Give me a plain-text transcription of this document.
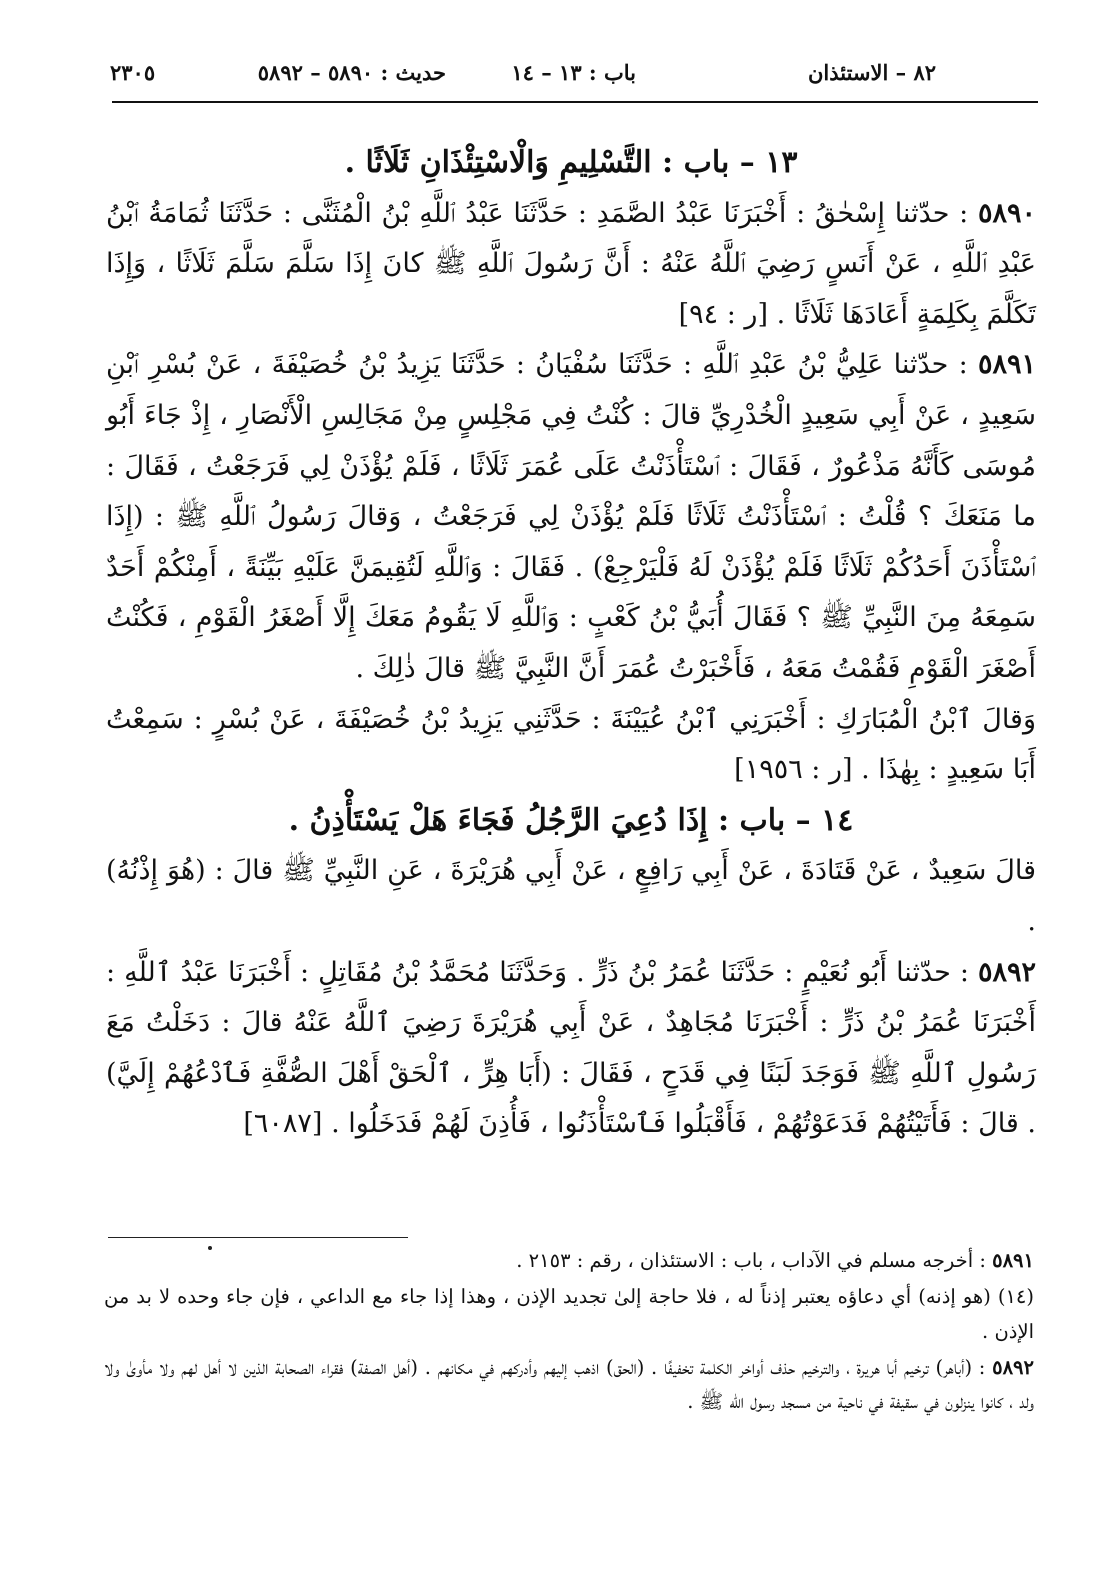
٨٢ – الاستئذان
باب : ١٣ – ١٤
حديث : ٥٨٩٠ – ٥٨٩٢
٢٣٠٥

١٣ – باب : التَّسْلِيمِ وَالْاسْتِئْذَانِ ثَلَاثًا .

٥٨٩٠ : حدّثنا إِسْحٰقُ : أَخْبَرَنَا عَبْدُ الصَّمَدِ : حَدَّثَنَا عَبْدُ ٱللَّهِ بْنُ الْمُثَنَّى : حَدَّثَنَا ثُمَامَةُ ٱبْنُ عَبْدِ ٱللَّهِ ، عَنْ أَنَسٍ رَضِيَ ٱللَّهُ عَنْهُ : أَنَّ رَسُولَ ٱللَّهِ ﷺ كانَ إِذَا سَلَّمَ سَلَّمَ ثَلَاثًا ، وَإِذَا تَكَلَّمَ بِكَلِمَةٍ أَعَادَهَا ثَلَاثًا . [ر : ٩٤]

٥٨٩١ : حدّثنا عَلِيُّ بْنُ عَبْدِ ٱللَّهِ : حَدَّثَنَا سُفْيَانُ : حَدَّثَنَا يَزِيدُ بْنُ خُصَيْفَةَ ، عَنْ بُسْرِ ٱبْنِ سَعِيدٍ ، عَنْ أَبِي سَعِيدٍ الْخُدْرِيِّ قالَ : كُنْتُ فِي مَجْلِسٍ مِنْ مَجَالِسِ الْأَنْصَارِ ، إِذْ جَاءَ أَبُو مُوسَى كَأَنَّهُ مَذْعُورٌ ، فَقَالَ : ٱسْتَأْذَنْتُ عَلَى عُمَرَ ثَلَاثًا ، فَلَمْ يُؤْذَنْ لِي فَرَجَعْتُ ، فَقَالَ : ما مَنَعَكَ ؟ قُلْتُ : ٱسْتَأْذَنْتُ ثَلَاثًا فَلَمْ يُؤْذَنْ لِي فَرَجَعْتُ ، وَقالَ رَسُولُ ٱللَّهِ ﷺ : (إِذَا ٱسْتَأْذَنَ أَحَدُكُمْ ثَلَاثًا فَلَمْ يُؤْذَنْ لَهُ فَلْيَرْجِعْ) . فَقَالَ : وَٱللَّهِ لَتُقِيمَنَّ عَلَيْهِ بَيِّنَةً ، أَمِنْكُمْ أَحَدٌ سَمِعَهُ مِنَ النَّبِيِّ ﷺ ؟ فَقَالَ أُبَيُّ بْنُ كَعْبٍ : وَٱللَّهِ لَا يَقُومُ مَعَكَ إِلَّا أَصْغَرُ الْقَوْمِ ، فَكُنْتُ أَصْغَرَ الْقَوْمِ فَقُمْتُ مَعَهُ ، فَأَخْبَرْتُ عُمَرَ أَنَّ النَّبِيَّ ﷺ قالَ ذٰلِكَ .

وَقالَ ٱبْنُ الْمُبَارَكِ : أَخْبَرَنِي ٱبْنُ عُيَيْنَةَ : حَدَّثَنِي يَزِيدُ بْنُ خُصَيْفَةَ ، عَنْ بُسْرٍ : سَمِعْتُ أَبَا سَعِيدٍ : بِهٰذَا . [ر : ١٩٥٦]

١٤ – باب : إِذَا دُعِيَ الرَّجُلُ فَجَاءَ هَلْ يَسْتَأْذِنُ .

قالَ سَعِيدٌ ، عَنْ قَتَادَةَ ، عَنْ أَبِي رَافِعٍ ، عَنْ أَبِي هُرَيْرَةَ ، عَنِ النَّبِيِّ ﷺ قالَ : (هُوَ إِذْنُهُ) .

٥٨٩٢ : حدّثنا أَبُو نُعَيْمٍ : حَدَّثَنَا عُمَرُ بْنُ ذَرٍّ . وَحَدَّثَنَا مُحَمَّدُ بْنُ مُقَاتِلٍ : أَخْبَرَنَا عَبْدُ ٱللَّهِ : أَخْبَرَنَا عُمَرُ بْنُ ذَرٍّ : أَخْبَرَنَا مُجَاهِدٌ ، عَنْ أَبِي هُرَيْرَةَ رَضِيَ ٱللَّهُ عَنْهُ قالَ : دَخَلْتُ مَعَ رَسُولِ ٱللَّهِ ﷺ فَوَجَدَ لَبَنًا فِي قَدَحٍ ، فَقَالَ : (أَبَا هِرٍّ ، ٱلْحَقْ أَهْلَ الصُّفَّةِ فَٱدْعُهُمْ إِلَيَّ) . قالَ : فَأَتَيْتُهُمْ فَدَعَوْتُهُمْ ، فَأَقْبَلُوا فَٱسْتَأْذَنُوا ، فَأُذِنَ لَهُمْ فَدَخَلُوا . [٦٠٨٧]

٥٨٩١ : أخرجه مسلم في الآداب ، باب : الاستئذان ، رقم : ٢١٥٣ .

(١٤) (هو إذنه) أي دعاؤه يعتبر إذناً له ، فلا حاجة إلىٰ تجديد الإذن ، وهذا إذا جاء مع الداعي ، فإن جاء وحده لا بد من الإذن .

٥٨٩٢ : (أباهر) ترخيم أبا هريرة ، والترخيم حذف أواخر الكلمة تخفيفًا . (الحق) اذهب إليهم وأدركهم في مكانهم . (أهل الصفة) فقراء الصحابة الذين لا أهل لهم ولا مأوىٰ ولا ولد ، كانوا ينزلون في سقيفة في ناحية من مسجد رسول الله ﷺ .
